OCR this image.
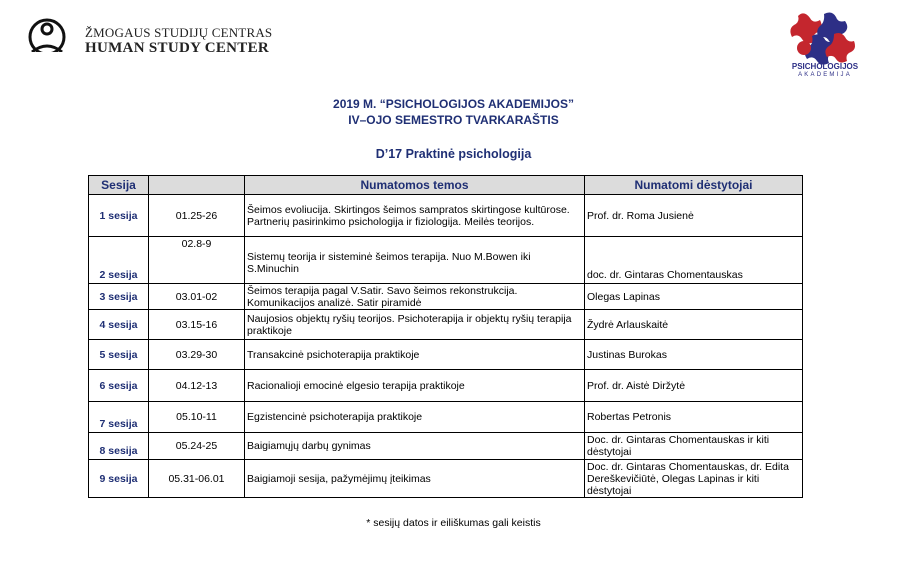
ŽMOGAUS STUDIJŲ CENTRAS
HUMAN STUDY CENTER
PSICHOLOGIJOS
AKADEMIJA
2019 M. “PSICHOLOGIJOS AKADEMIJOS”
IV–OJO SEMESTRO TVARKARAŠTIS
D’17 Praktinė psichologija
Sesija		Numatomos temos	Numatomi dėstytojai
1 sesija	01.25-26	Šeimos evoliucija. Skirtingos šeimos sampratos skirtingose kultūrose. Partnerių pasirinkimo psichologija ir fiziologija. Meilės teorijos.	Prof. dr. Roma Jusienė
2 sesija	02.8-9	Sistemų teorija ir sisteminė šeimos terapija. Nuo M.Bowen iki S.Minuchin	doc. dr. Gintaras Chomentauskas
3 sesija	03.01-02	Šeimos terapija pagal V.Satir. Savo šeimos rekonstrukcija. Komunikacijos analizė. Satir piramidė	Olegas Lapinas
4 sesija	03.15-16	Naujosios objektų ryšių teorijos. Psichoterapija ir objektų ryšių terapija praktikoje	Žydrė Arlauskaitė
5 sesija	03.29-30	Transakcinė psichoterapija praktikoje	Justinas Burokas
6 sesija	04.12-13	Racionalioji emocinė elgesio terapija praktikoje	Prof. dr. Aistė Diržytė
7 sesija	05.10-11	Egzistencinė psichoterapija praktikoje	Robertas Petronis
8 sesija	05.24-25	Baigiamųjų darbų gynimas	Doc. dr. Gintaras Chomentauskas ir kiti dėstytojai
9 sesija	05.31-06.01	Baigiamoji sesija, pažymėjimų įteikimas	Doc. dr. Gintaras Chomentauskas, dr. Edita Dereškevičiūtė, Olegas Lapinas ir kiti dėstytojai
* sesijų datos ir eiliškumas gali keistis
